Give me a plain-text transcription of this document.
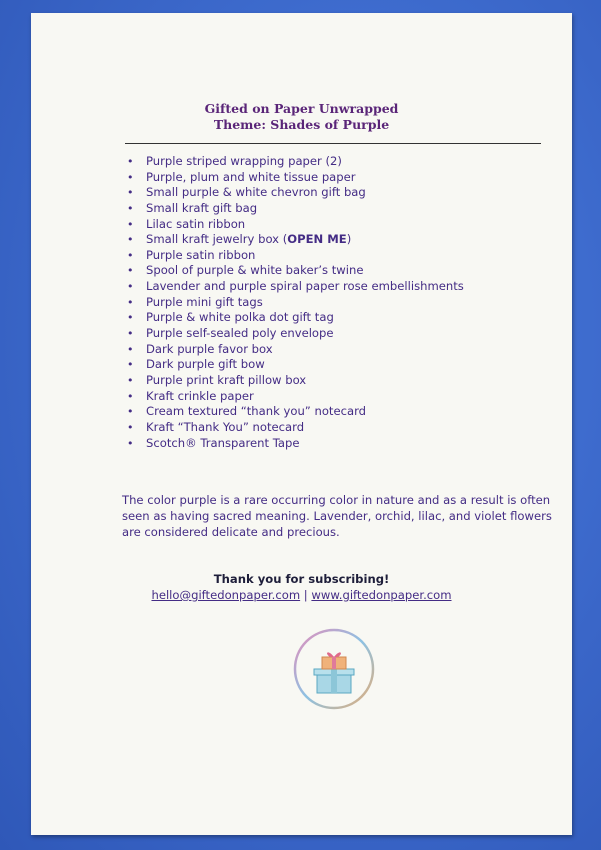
Gifted on Paper Unwrapped
Theme: Shades of Purple
• Purple striped wrapping paper (2)
• Purple, plum and white tissue paper
• Small purple & white chevron gift bag
• Small kraft gift bag
• Lilac satin ribbon
• Small kraft jewelry box (OPEN ME)
• Purple satin ribbon
• Spool of purple & white baker’s twine
• Lavender and purple spiral paper rose embellishments
• Purple mini gift tags
• Purple & white polka dot gift tag
• Purple self-sealed poly envelope
• Dark purple favor box
• Dark purple gift bow
• Purple print kraft pillow box
• Kraft crinkle paper
• Cream textured “thank you” notecard
• Kraft “Thank You” notecard
• Scotch® Transparent Tape

The color purple is a rare occurring color in nature and as a result is often seen as having sacred meaning. Lavender, orchid, lilac, and violet flowers are considered delicate and precious.

Thank you for subscribing!
hello@giftedonpaper.com | www.giftedonpaper.com
